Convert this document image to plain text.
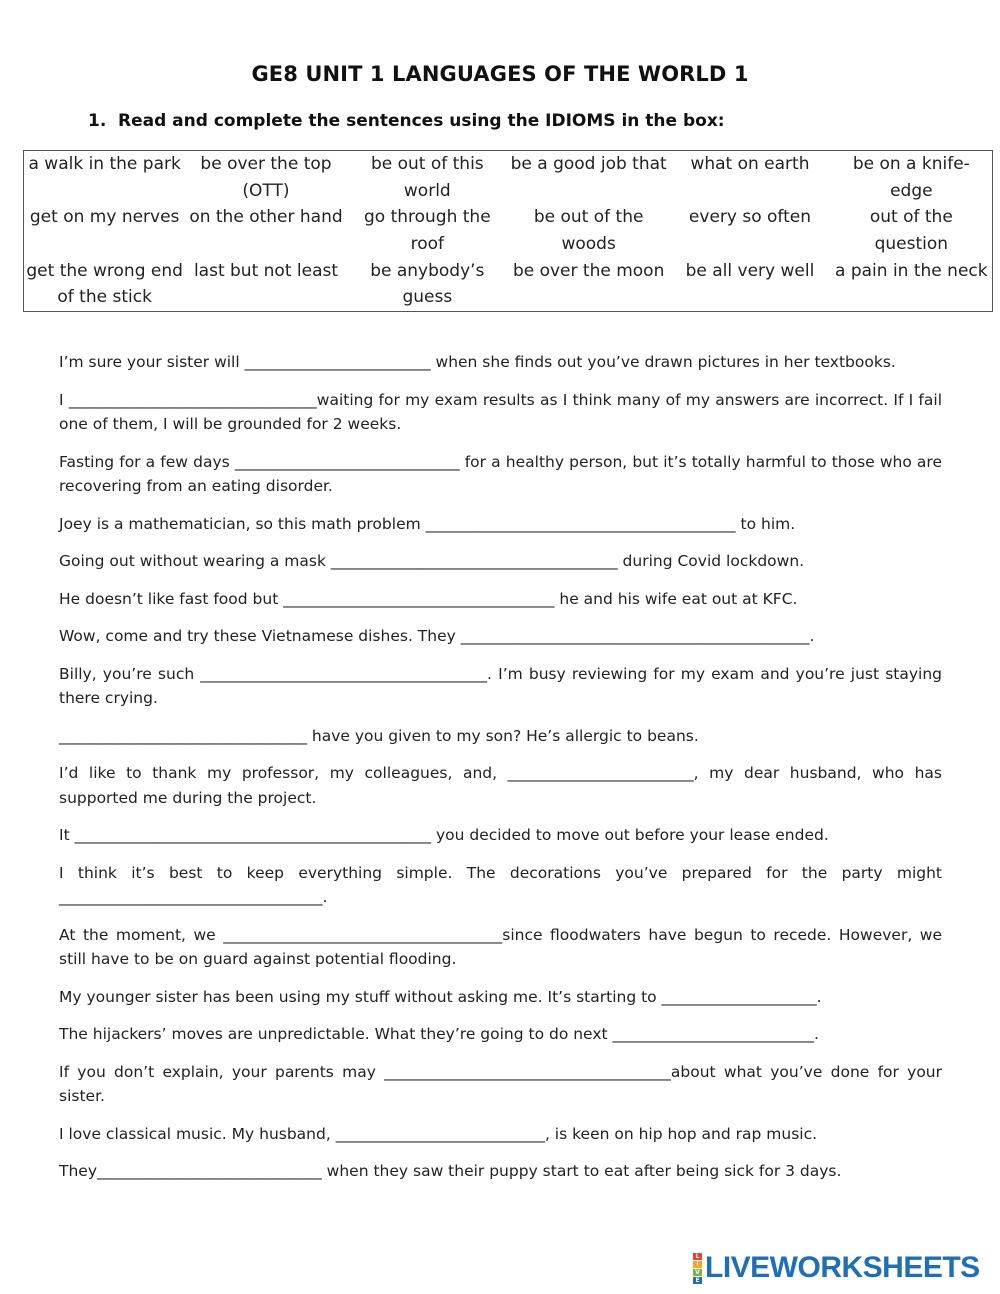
GE8 UNIT 1 LANGUAGES OF THE WORLD 1
1. Read and complete the sentences using the IDIOMS in the box:
a walk in the park	be over the top (OTT)	be out of this world	be a good job that	what on earth	be on a knife-edge
get on my nerves	on the other hand	go through the roof	be out of the woods	every so often	out of the question
get the wrong end of the stick	last but not least	be anybody’s guess	be over the moon	be all very well	a pain in the neck

I’m sure your sister will ________________________ when she finds out you’ve drawn pictures in her textbooks.

I ________________________________waiting for my exam results as I think many of my answers are incorrect. If I fail one of them, I will be grounded for 2 weeks.

Fasting for a few days _____________________________ for a healthy person, but it’s totally harmful to those who are recovering from an eating disorder.

Joey is a mathematician, so this math problem ________________________________________ to him.

Going out without wearing a mask _____________________________________ during Covid lockdown.

He doesn’t like fast food but ___________________________________ he and his wife eat out at KFC.

Wow, come and try these Vietnamese dishes. They _____________________________________________.

Billy, you’re such _____________________________________. I’m busy reviewing for my exam and you’re just staying there crying.

________________________________ have you given to my son? He’s allergic to beans.

I’d like to thank my professor, my colleagues, and, ________________________, my dear husband, who has supported me during the project.

It ______________________________________________ you decided to move out before your lease ended.

I think it’s best to keep everything simple. The decorations you’ve prepared for the party might __________________________________.

At the moment, we ____________________________________since floodwaters have begun to recede. However, we still have to be on guard against potential flooding.

My younger sister has been using my stuff without asking me. It’s starting to ____________________.

The hijackers’ moves are unpredictable. What they’re going to do next __________________________.

If you don’t explain, your parents may _____________________________________about what you’ve done for your sister.

I love classical music. My husband, ___________________________, is keen on hip hop and rap music.

They_____________________________ when they saw their puppy start to eat after being sick for 3 days.

L
I
V
E LIVEWORKSHEETS
